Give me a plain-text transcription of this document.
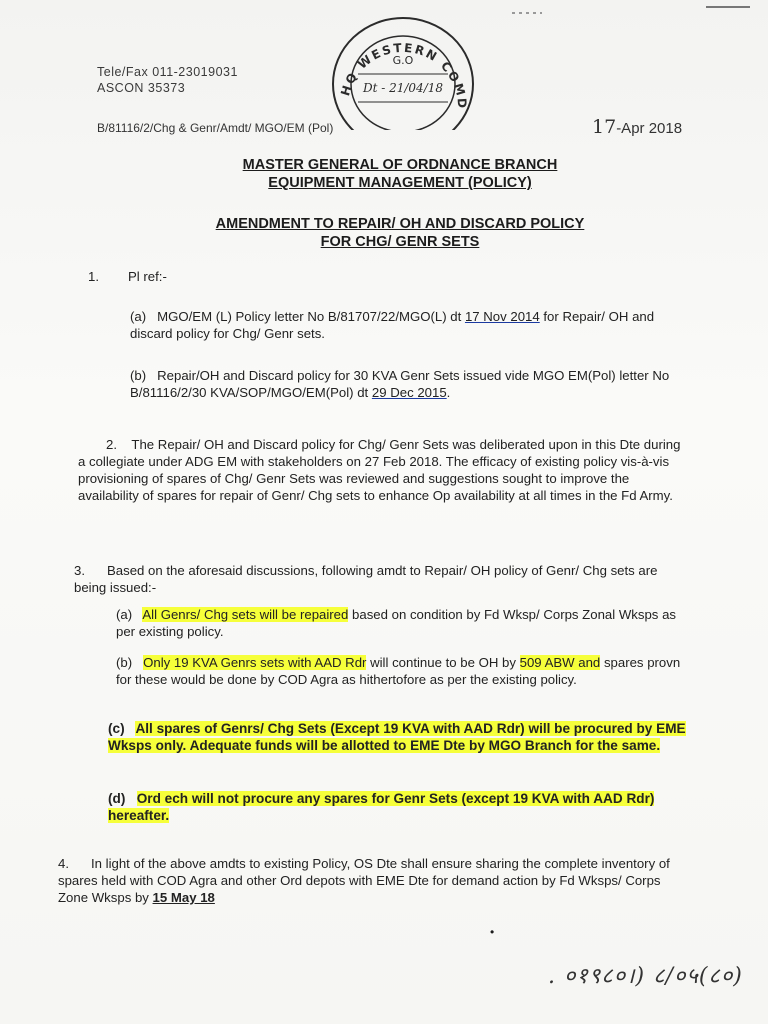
Tele/Fax 011-23019031
ASCON 35373
B/81116/2/Chg & Genr/Amdt/ MGO/EM (Pol)	17-Apr 2018
HQ WESTERN COMD
G.O
Dt - 21/04/18
MASTER GENERAL OF ORDNANCE BRANCH
EQUIPMENT MANAGEMENT (POLICY)
AMENDMENT TO REPAIR/ OH AND DISCARD POLICY
FOR CHG/ GENR SETS
1. Pl ref:-
(a) MGO/EM (L) Policy letter No B/81707/22/MGO(L) dt 17 Nov 2014 for Repair/ OH and discard policy for Chg/ Genr sets.
(b) Repair/OH and Discard policy for 30 KVA Genr Sets issued vide MGO EM(Pol) letter No B/81116/2/30 KVA/SOP/MGO/EM(Pol) dt 29 Dec 2015.
2. The Repair/ OH and Discard policy for Chg/ Genr Sets was deliberated upon in this Dte during a collegiate under ADG EM with stakeholders on 27 Feb 2018. The efficacy of existing policy vis-à-vis provisioning of spares of Chg/ Genr Sets was reviewed and suggestions sought to improve the availability of spares for repair of Genr/ Chg sets to enhance Op availability at all times in the Fd Army.
3. Based on the aforesaid discussions, following amdt to Repair/ OH policy of Genr/ Chg sets are being issued:-
(a) All Genrs/ Chg sets will be repaired based on condition by Fd Wksp/ Corps Zonal Wksps as per existing policy.
(b) Only 19 KVA Genrs sets with AAD Rdr will continue to be OH by 509 ABW and spares provn for these would be done by COD Agra as hithertofore as per the existing policy.
(c) All spares of Genrs/ Chg Sets (Except 19 KVA with AAD Rdr) will be procured by EME Wksps only. Adequate funds will be allotted to EME Dte by MGO Branch for the same.
(d) Ord ech will not procure any spares for Genr Sets (except 19 KVA with AAD Rdr) hereafter.
4. In light of the above amdts to existing Policy, OS Dte shall ensure sharing the complete inventory of spares held with COD Agra and other Ord depots with EME Dte for demand action by Fd Wksps/ Corps Zone Wksps by 15 May 18
•
. ०१९८०।) ८/०५(८०)
